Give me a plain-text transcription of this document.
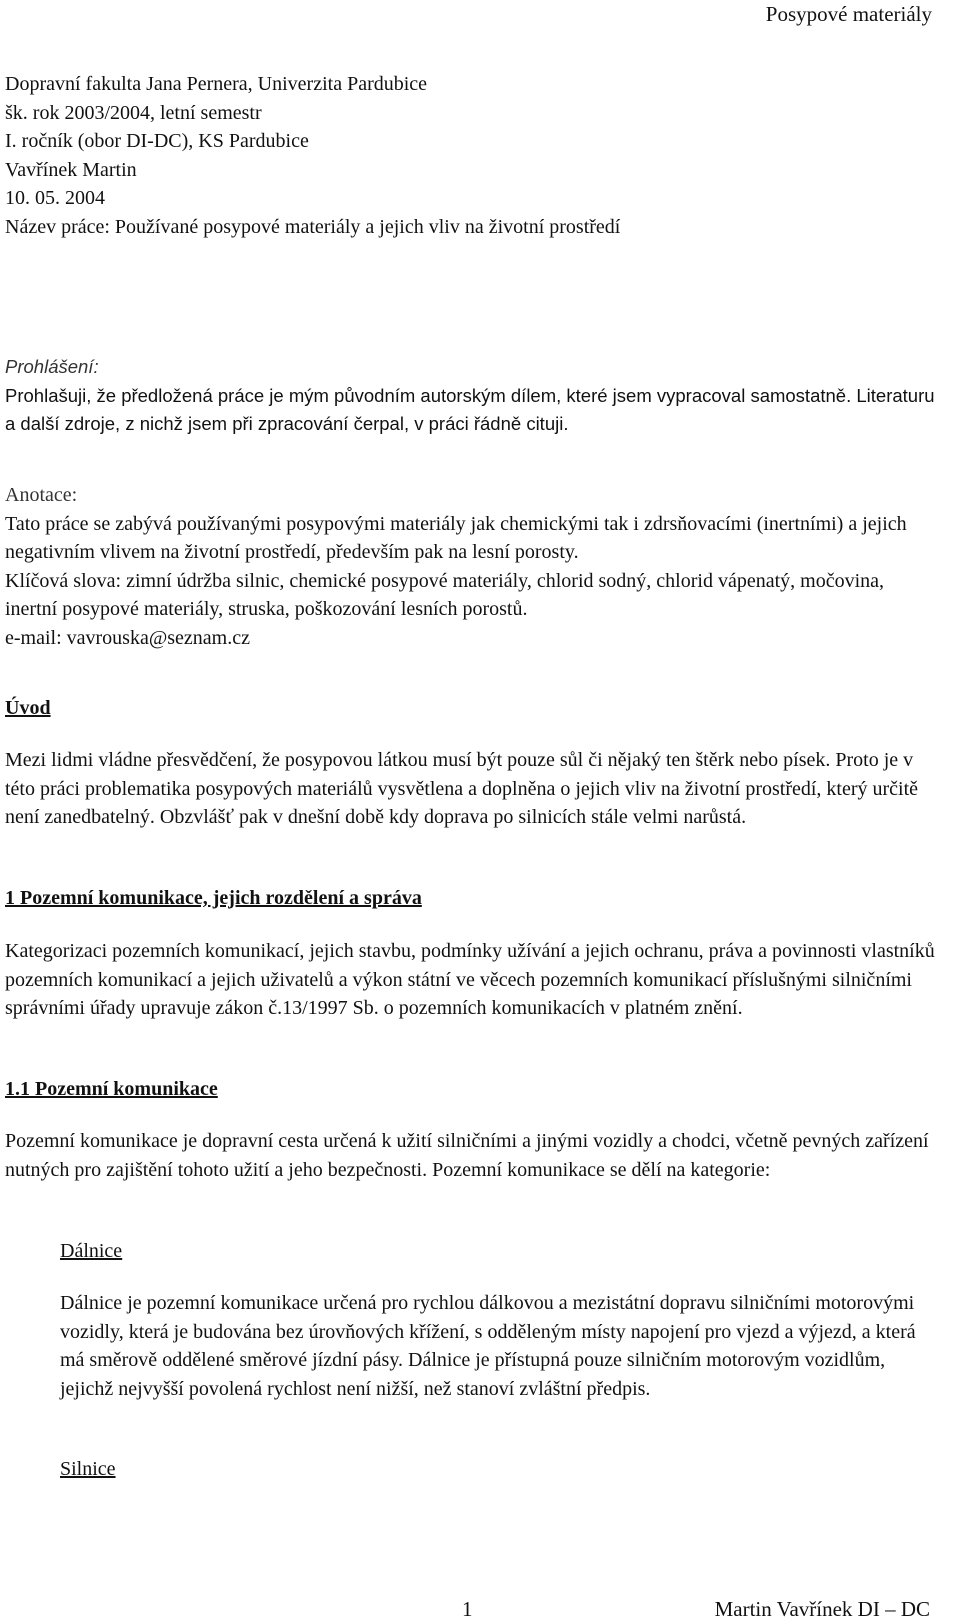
Posypové materiály
Dopravní fakulta Jana Pernera, Univerzita Pardubice
šk. rok 2003/2004, letní semestr
I. ročník (obor DI-DC), KS Pardubice
Vavřínek Martin
10. 05. 2004
Název práce: Používané posypové materiály a jejich vliv na životní prostředí
Prohlášení:
Prohlašuji, že předložená práce je mým původním autorským dílem, které jsem vypracoval samostatně. Literaturu a další zdroje, z nichž jsem při zpracování čerpal, v práci řádně cituji.
Anotace:
Tato práce se zabývá používanými posypovými materiály jak chemickými tak i zdrsňovacími (inertními) a jejich negativním vlivem na životní prostředí, především pak na lesní porosty.
Klíčová slova: zimní údržba silnic, chemické posypové materiály, chlorid sodný, chlorid vápenatý, močovina, inertní posypové materiály, struska, poškozování lesních porostů.
e-mail: vavrouska@seznam.cz
Úvod
Mezi lidmi vládne přesvědčení, že posypovou látkou musí být pouze sůl či nějaký ten štěrk nebo písek. Proto je v této práci problematika posypových materiálů vysvětlena a doplněna o jejich vliv na životní prostředí, který určitě není zanedbatelný. Obzvlášť pak v dnešní době kdy doprava po silnicích stále velmi narůstá.
1 Pozemní komunikace, jejich rozdělení a správa
Kategorizaci pozemních komunikací, jejich stavbu, podmínky užívání a jejich ochranu, práva a povinnosti vlastníků pozemních komunikací a jejich uživatelů a výkon státní ve věcech pozemních komunikací příslušnými silničními správními úřady upravuje zákon č.13/1997 Sb. o pozemních komunikacích v platném znění.
1.1 Pozemní komunikace
Pozemní komunikace je dopravní cesta určená k užití silničními a jinými vozidly a chodci, včetně pevných zařízení nutných pro zajištění tohoto užití a jeho bezpečnosti. Pozemní komunikace se dělí na kategorie:
Dálnice
Dálnice je pozemní komunikace určená pro rychlou dálkovou a mezistátní dopravu silničními motorovými vozidly, která je budována bez úrovňových křížení, s odděleným místy napojení pro vjezd a výjezd, a která má směrově oddělené směrové jízdní pásy. Dálnice je přístupná pouze silničním motorovým vozidlům, jejichž nejvyšší povolená rychlost není nižší, než stanoví zvláštní předpis.
Silnice
1	Martin Vavřínek DI – DC
